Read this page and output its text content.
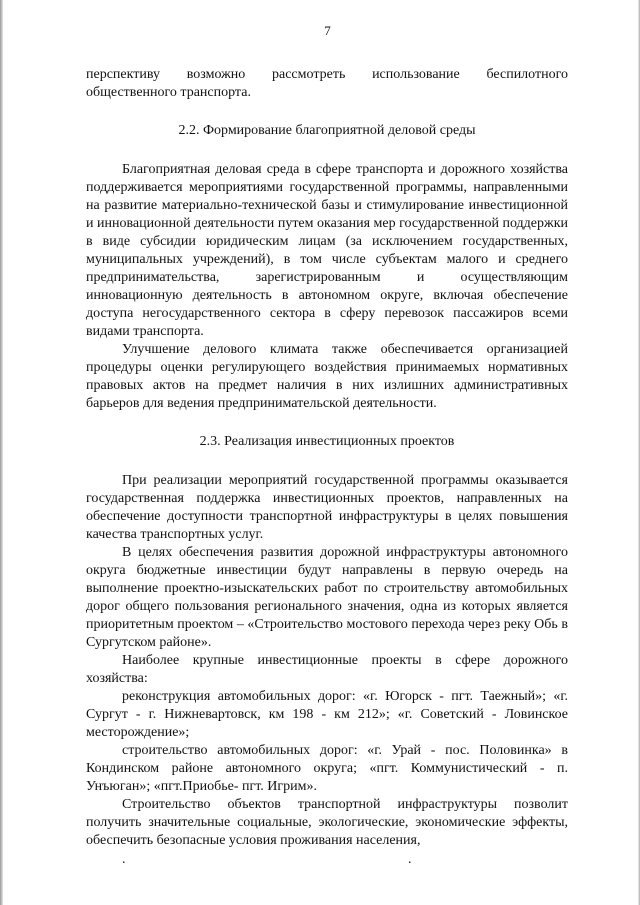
7

перспективу возможно рассмотреть использование беспилотного общественного транспорта.

2.2. Формирование благоприятной деловой среды

Благоприятная деловая среда в сфере транспорта и дорожного хозяйства поддерживается мероприятиями государственной программы, направленными на развитие материально-технической базы и стимулирование инвестиционной и инновационной деятельности путем оказания мер государственной поддержки в виде субсидии юридическим лицам (за исключением государственных, муниципальных учреждений), в том числе субъектам малого и среднего предпринимательства, зарегистрированным и осуществляющим инновационную деятельность в автономном округе, включая обеспечение доступа негосударственного сектора в сферу перевозок пассажиров всеми видами транспорта.

Улучшение делового климата также обеспечивается организацией процедуры оценки регулирующего воздействия принимаемых нормативных правовых актов на предмет наличия в них излишних административных барьеров для ведения предпринимательской деятельности.

2.3. Реализация инвестиционных проектов

При реализации мероприятий государственной программы оказывается государственная поддержка инвестиционных проектов, направленных на обеспечение доступности транспортной инфраструктуры в целях повышения качества транспортных услуг.

В целях обеспечения развития дорожной инфраструктуры автономного округа бюджетные инвестиции будут направлены в первую очередь на выполнение проектно-изыскательских работ по строительству автомобильных дорог общего пользования регионального значения, одна из которых является приоритетным проектом – «Строительство мостового перехода через реку Обь в Сургутском районе».

Наиболее крупные инвестиционные проекты в сфере дорожного хозяйства:

реконструкция автомобильных дорог: «г. Югорск - пгт. Таежный»; «г. Сургут - г. Нижневартовск, км 198 - км 212»; «г. Советский - Ловинское месторождение»;

строительство автомобильных дорог: «г. Урай - пос. Половинка» в Кондинском районе автономного округа; «пгт. Коммунистический - п. Унъюган»; «пгт.Приобье- пгт. Игрим».

Строительство объектов транспортной инфраструктуры позволит получить значительные социальные, экологические, экономические эффекты, обеспечить безопасные условия проживания населения,

.	.
